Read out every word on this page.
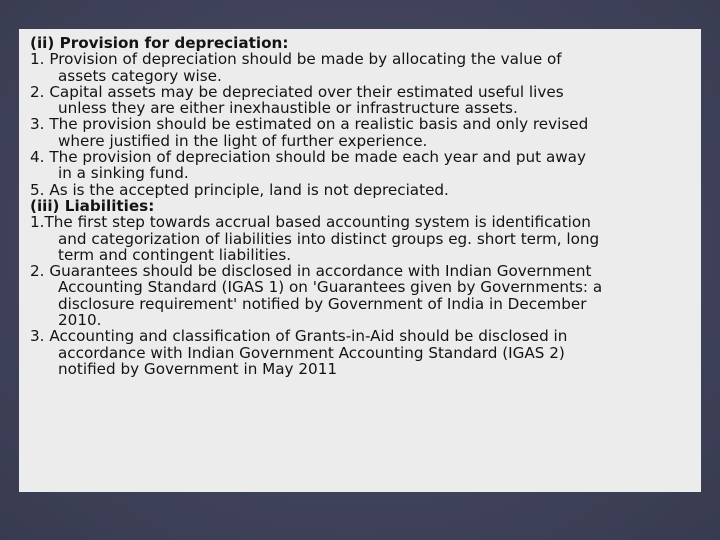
(ii) Provision for depreciation:
1. Provision of depreciation should be made by allocating the value of
assets category wise.
2. Capital assets may be depreciated over their estimated useful lives
unless they are either inexhaustible or infrastructure assets.
3. The provision should be estimated on a realistic basis and only revised
where justified in the light of further experience.
4. The provision of depreciation should be made each year and put away
in a sinking fund.
5. As is the accepted principle, land is not depreciated.
(iii) Liabilities:
1.The first step towards accrual based accounting system is identification
and categorization of liabilities into distinct groups eg. short term, long
term and contingent liabilities.
2. Guarantees should be disclosed in accordance with Indian Government
Accounting Standard (IGAS 1) on 'Guarantees given by Governments: a
disclosure requirement' notified by Government of India in December
2010.
3. Accounting and classification of Grants-in-Aid should be disclosed in
accordance with Indian Government Accounting Standard (IGAS 2)
notified by Government in May 2011
